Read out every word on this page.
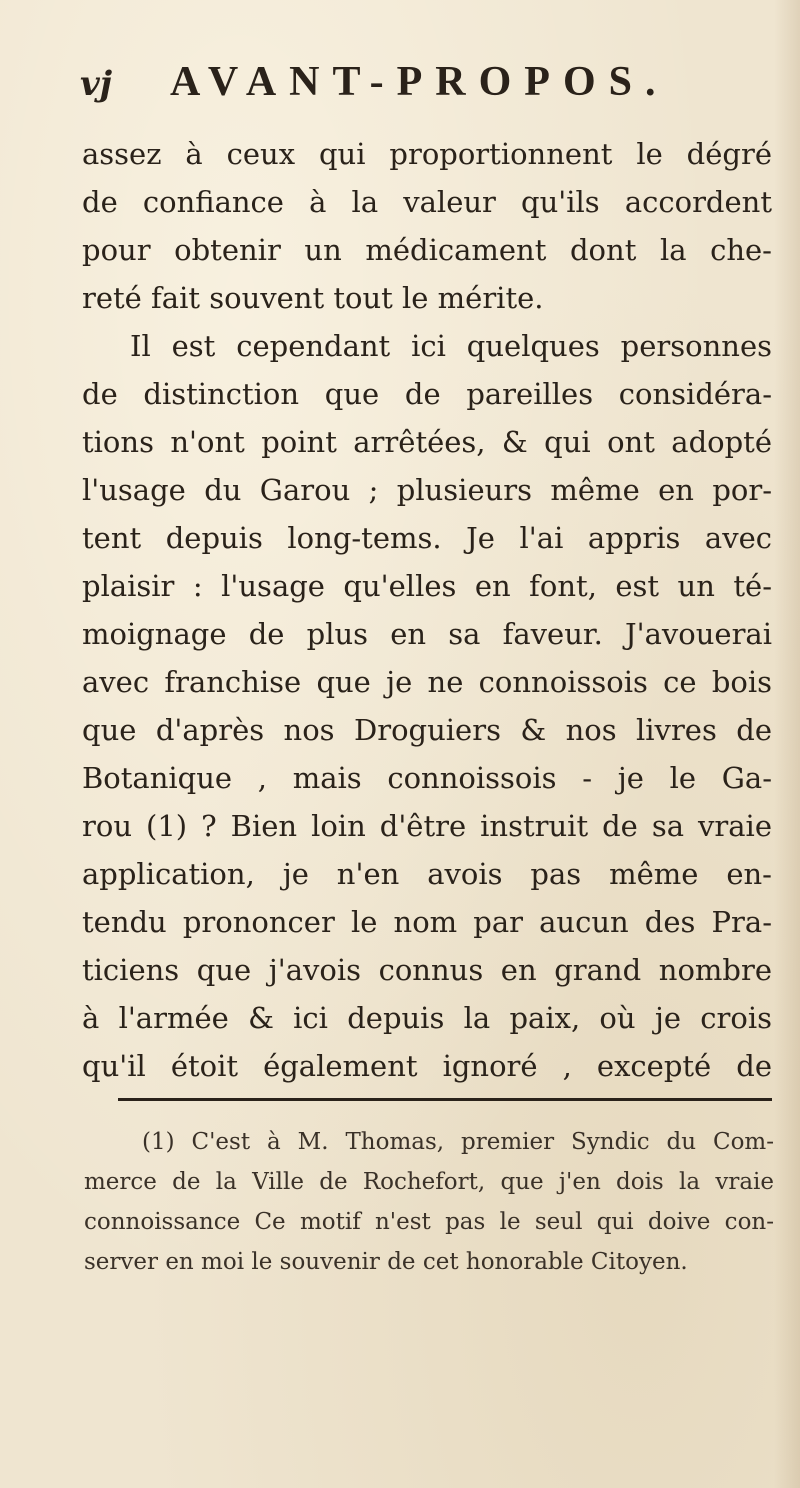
vj AVANT-PROPOS.
assez à ceux qui proportionnent le dégré
de confiance à la valeur qu'ils accordent
pour obtenir un médicament dont la che-
reté fait souvent tout le mérite.
Il est cependant ici quelques personnes
de distinction que de pareilles considéra-
tions n'ont point arrêtées, & qui ont adopté
l'usage du Garou ; plusieurs même en por-
tent depuis long-tems. Je l'ai appris avec
plaisir : l'usage qu'elles en font, est un té-
moignage de plus en sa faveur. J'avouerai
avec franchise que je ne connoissois ce bois
que d'après nos Droguiers & nos livres de
Botanique , mais connoissois - je le Ga-
rou (1) ? Bien loin d'être instruit de sa vraie
application, je n'en avois pas même en-
tendu prononcer le nom par aucun des Pra-
ticiens que j'avois connus en grand nombre
à l'armée & ici depuis la paix, où je crois
qu'il étoit également ignoré , excepté de
(1) C'est à M. Thomas, premier Syndic du Com-
merce de la Ville de Rochefort, que j'en dois la vraie
connoissance Ce motif n'est pas le seul qui doive con-
server en moi le souvenir de cet honorable Citoyen.
